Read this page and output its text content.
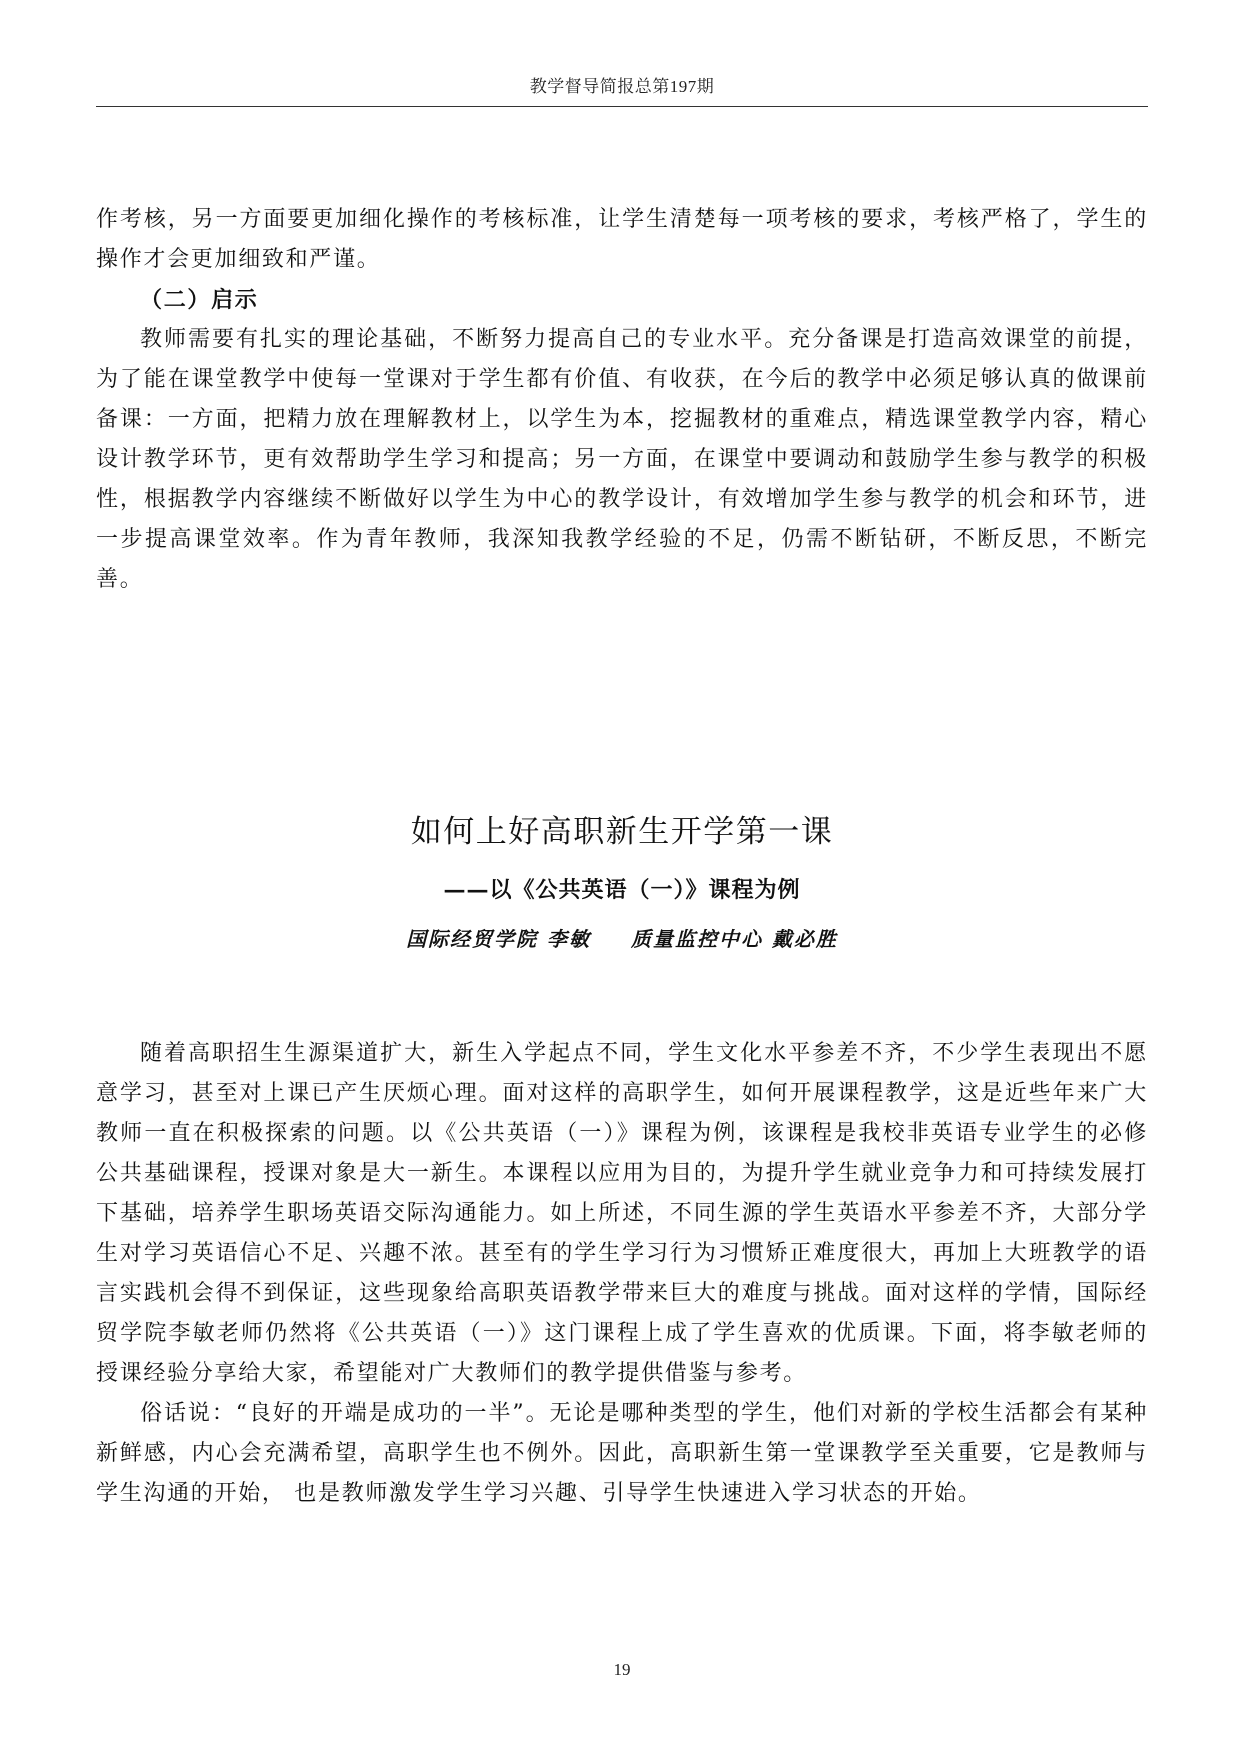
教学督导简报总第197期

作考核，另一方面要更加细化操作的考核标准，让学生清楚每一项考核的要求，考核严格了，学生的操作才会更加细致和严谨。

（二）启示

教师需要有扎实的理论基础，不断努力提高自己的专业水平。充分备课是打造高效课堂的前提，为了能在课堂教学中使每一堂课对于学生都有价值、有收获，在今后的教学中必须足够认真的做课前备课：一方面，把精力放在理解教材上，以学生为本，挖掘教材的重难点，精选课堂教学内容，精心设计教学环节，更有效帮助学生学习和提高；另一方面，在课堂中要调动和鼓励学生参与教学的积极性，根据教学内容继续不断做好以学生为中心的教学设计，有效增加学生参与教学的机会和环节，进一步提高课堂效率。作为青年教师，我深知我教学经验的不足，仍需不断钻研，不断反思，不断完善。

如何上好高职新生开学第一课
——以《公共英语（一）》课程为例
国际经贸学院 李敏 质量监控中心 戴必胜

随着高职招生生源渠道扩大，新生入学起点不同，学生文化水平参差不齐，不少学生表现出不愿意学习，甚至对上课已产生厌烦心理。面对这样的高职学生，如何开展课程教学，这是近些年来广大教师一直在积极探索的问题。以《公共英语（一）》课程为例，该课程是我校非英语专业学生的必修公共基础课程，授课对象是大一新生。本课程以应用为目的，为提升学生就业竞争力和可持续发展打下基础，培养学生职场英语交际沟通能力。如上所述，不同生源的学生英语水平参差不齐，大部分学生对学习英语信心不足、兴趣不浓。甚至有的学生学习行为习惯矫正难度很大，再加上大班教学的语言实践机会得不到保证，这些现象给高职英语教学带来巨大的难度与挑战。面对这样的学情，国际经贸学院李敏老师仍然将《公共英语（一）》这门课程上成了学生喜欢的优质课。下面，将李敏老师的授课经验分享给大家，希望能对广大教师们的教学提供借鉴与参考。

俗话说：“良好的开端是成功的一半”。无论是哪种类型的学生，他们对新的学校生活都会有某种新鲜感，内心会充满希望，高职学生也不例外。因此，高职新生第一堂课教学至关重要，它是教师与学生沟通的开始， 也是教师激发学生学习兴趣、引导学生快速进入学习状态的开始。

19
